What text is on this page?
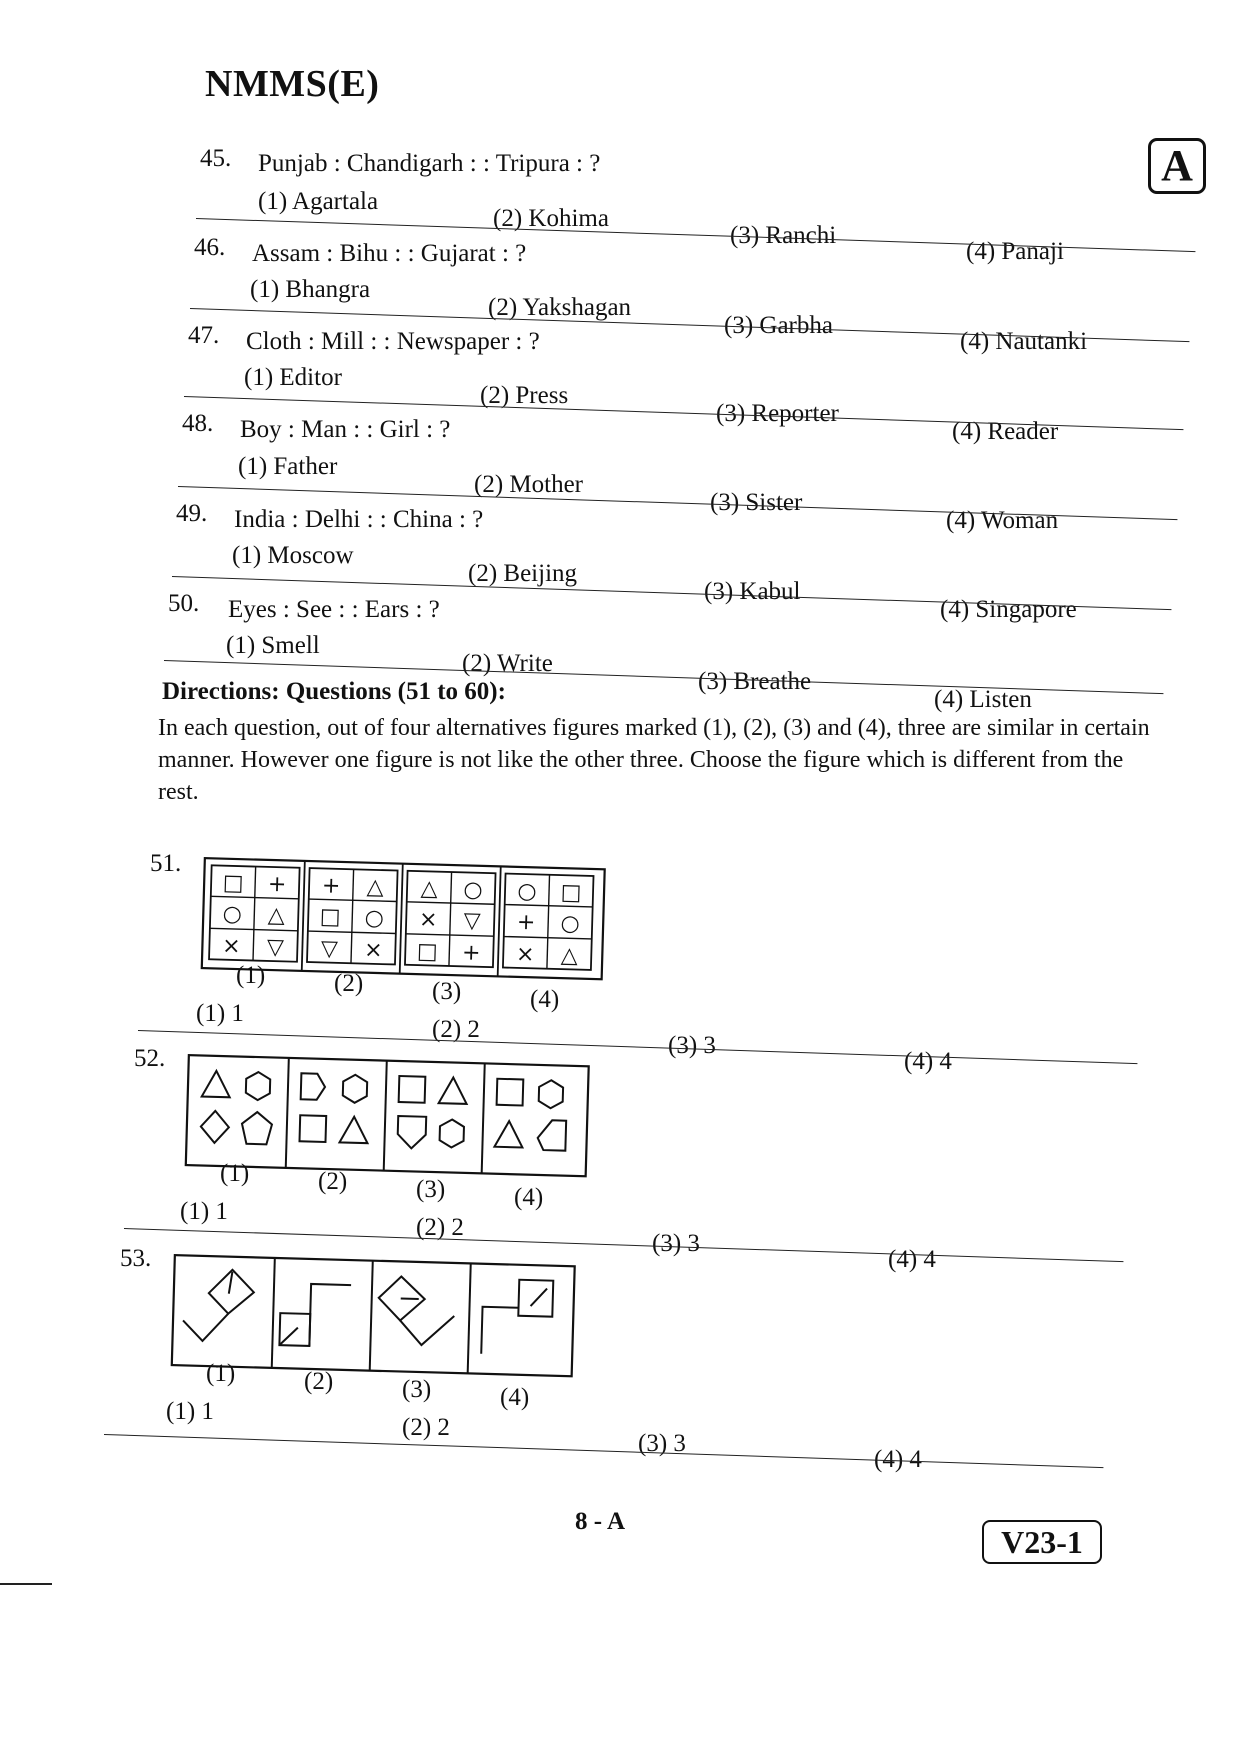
NMMS(E)
A
45. Punjab : Chandigarh : : Tripura : ?
(1) Agartala
(2) Kohima
(3) Ranchi
(4) Panaji
46. Assam : Bihu : : Gujarat : ?
(1) Bhangra
(2) Yakshagan
(3) Garbha
(4) Nautanki
47. Cloth : Mill : : Newspaper : ?
(1) Editor
(2) Press
(3) Reporter
(4) Reader
48. Boy : Man : : Girl : ?
(1) Father
(2) Mother
(3) Sister
(4) Woman
49. India : Delhi : : China : ?
(1) Moscow
(2) Beijing
(3) Kabul
(4) Singapore
50. Eyes : See : : Ears : ?
(1) Smell
(2) Write
(3) Breathe
(4) Listen
Directions: Questions (51 to 60):
In each question, out of four alternatives figures marked (1), (2), (3) and (4), three are similar in certain manner. However one figure is not like the other three. Choose the figure which is different from the rest.
51.
□ +
○ △
× ▽
+ △
□ ○
▽ ×
△ ○
× ▽
□ +
○ □
+ ○
× △
(1)	(2)	(3)	(4)
(1) 1
(2) 2
(3) 3
(4) 4
52.
(1)	(2)	(3)	(4)
(1) 1
(2) 2
(3) 3
(4) 4
53.
(1)	(2)	(3)	(4)
(1) 1
(2) 2
(3) 3
(4) 4
8 - A
V23-1
